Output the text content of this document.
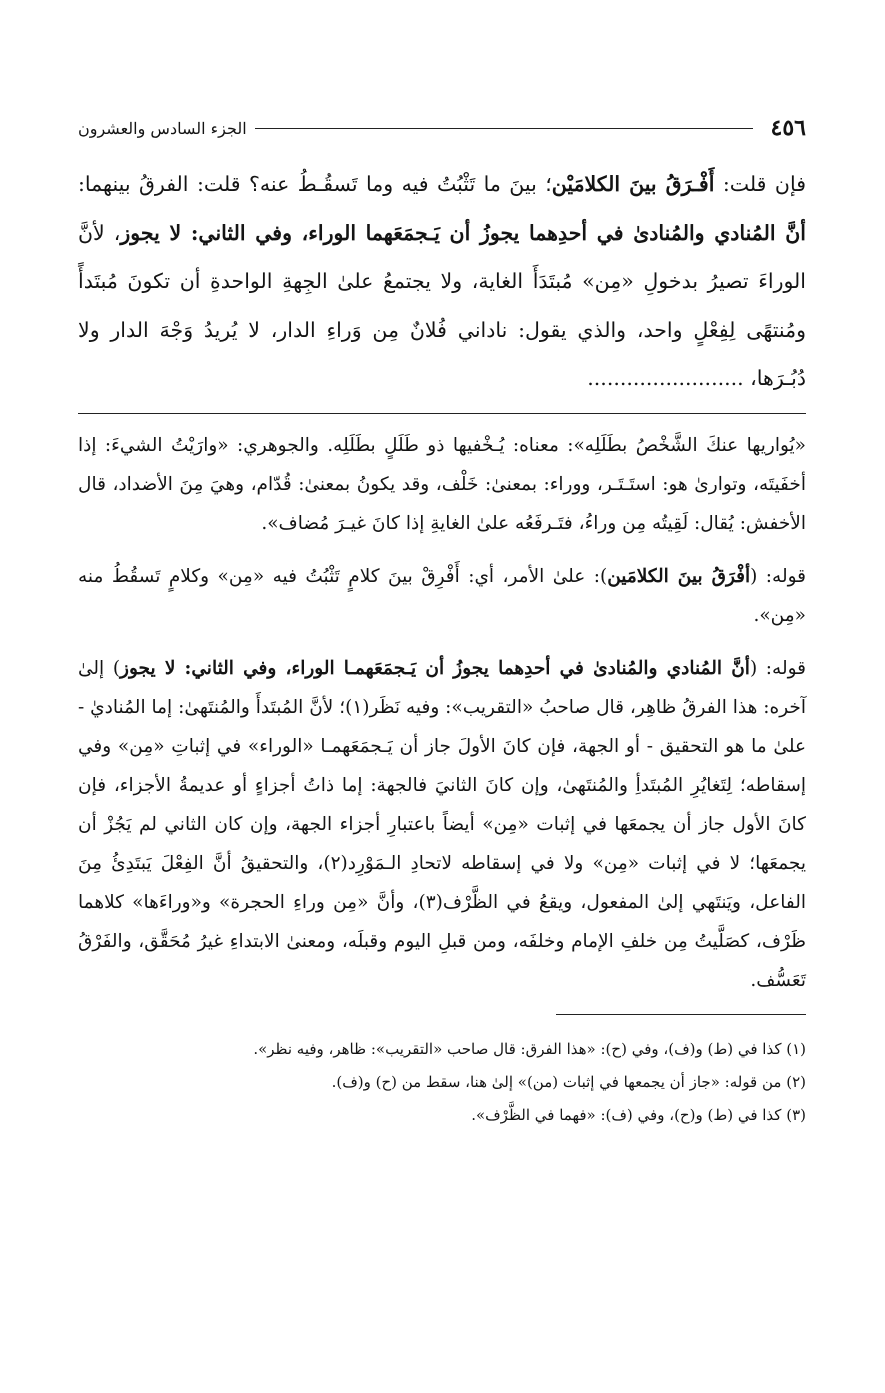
٤٥٦
الجزء السادس والعشرون
فإن قلت: أَفْـرَقُ بينَ الكلامَيْن؛ بينَ ما تَثْبُتُ فيه وما تَسقُـطُ عنه؟ قلت: الفرقُ بينهما: أنَّ المُنادي والمُنادىٰ في أحدِهما يجوزُ أن يَـجمَعَهما الوراء، وفي الثاني: لا يجوز، لأنَّ الوراءَ تصيرُ بدخولِ «مِن» مُبتَدَأَ الغاية، ولا يجتمعُ علىٰ الجِهةِ الواحدةِ أن تكونَ مُبتَدأً ومُنتهًى لِفِعْلٍ واحد، والذي يقول: ناداني فُلانٌ مِن وَراءِ الدار، لا يُريدُ وَجْهَ الدار ولا دُبُـرَها، ........................

«يُواريها عنكَ الشَّخْصُ بطَلَلِه»: معناه: يُـخْفيها ذو طَلَلٍ بطَلَلِه. والجوهري: «وارَيْتُ الشيءَ: إذا أخفَيتَه، وتوارىٰ هو: استَـتَـر، ووراء: بمعنىٰ: خَلْف، وقد يكونُ بمعنىٰ: قُدّام، وهيَ مِنَ الأضداد، قال الأخفش: يُقال: لَقِيتُه مِن وراءُ، فتَـرفَعُه علىٰ الغايةِ إذا كانَ غيـرَ مُضاف».

قوله: (أفْرَقُ بينَ الكلامَين): علىٰ الأمر، أي: أَفْرِقْ بينَ كلامٍ تَثْبُتُ فيه «مِن» وكلامٍ تَسقُطُ منه «مِن».

قوله: (أنَّ المُنادي والمُنادىٰ في أحدِهما يجوزُ أن يَـجمَعَهمـا الوراء، وفي الثاني: لا يجوز) إلىٰ آخره: هذا الفرقُ ظاهِر، قال صاحبُ «التقريب»: وفيه نَظَر(١)؛ لأنَّ المُبتَدأَ والمُنتَهىٰ: إما المُناديٰ - علىٰ ما هو التحقيق - أو الجهة، فإن كانَ الأولَ جاز أن يَـجمَعَهمـا «الوراء» في إثباتِ «مِن» وفي إسقاطه؛ لِتَغايُرِ المُبتَدأِ والمُنتَهىٰ، وإن كانَ الثانيَ فالجهة: إما ذاتُ أجزاءٍ أو عديمةُ الأجزاء، فإن كانَ الأول جاز أن يجمعَها في إثبات «مِن» أيضاً باعتبارِ أجزاء الجهة، وإن كان الثاني لم يَجُزْ أن يجمعَها؛ لا في إثبات «مِن» ولا في إسقاطه لاتحادِ الـمَوْرِد(٢)، والتحقيقُ أنَّ الفِعْلَ يَبتَدِئُ مِنَ الفاعل، ويَنتَهي إلىٰ المفعول، ويقعُ في الظَّرْف(٣)، وأنَّ «مِن وراءِ الحجرة» و«وراءَها» كلاهما ظَرْف، كصَلَّيتُ مِن خلفِ الإمام وخلفَه، ومن قبلِ اليوم وقبلَه، ومعنىٰ الابتداءِ غيرُ مُحَقَّق، والفَرْقُ تَعَسُّف.

(١) كذا في (ط) و(ف)، وفي (ح): «هذا الفرق: قال صاحب «التقريب»: ظاهر، وفيه نظر».
(٢) من قوله: «جاز أن يجمعها في إثبات (من)» إلىٰ هنا، سقط من (ح) و(ف).
(٣) كذا في (ط) و(ح)، وفي (ف): «فهما في الظَّرْف».
